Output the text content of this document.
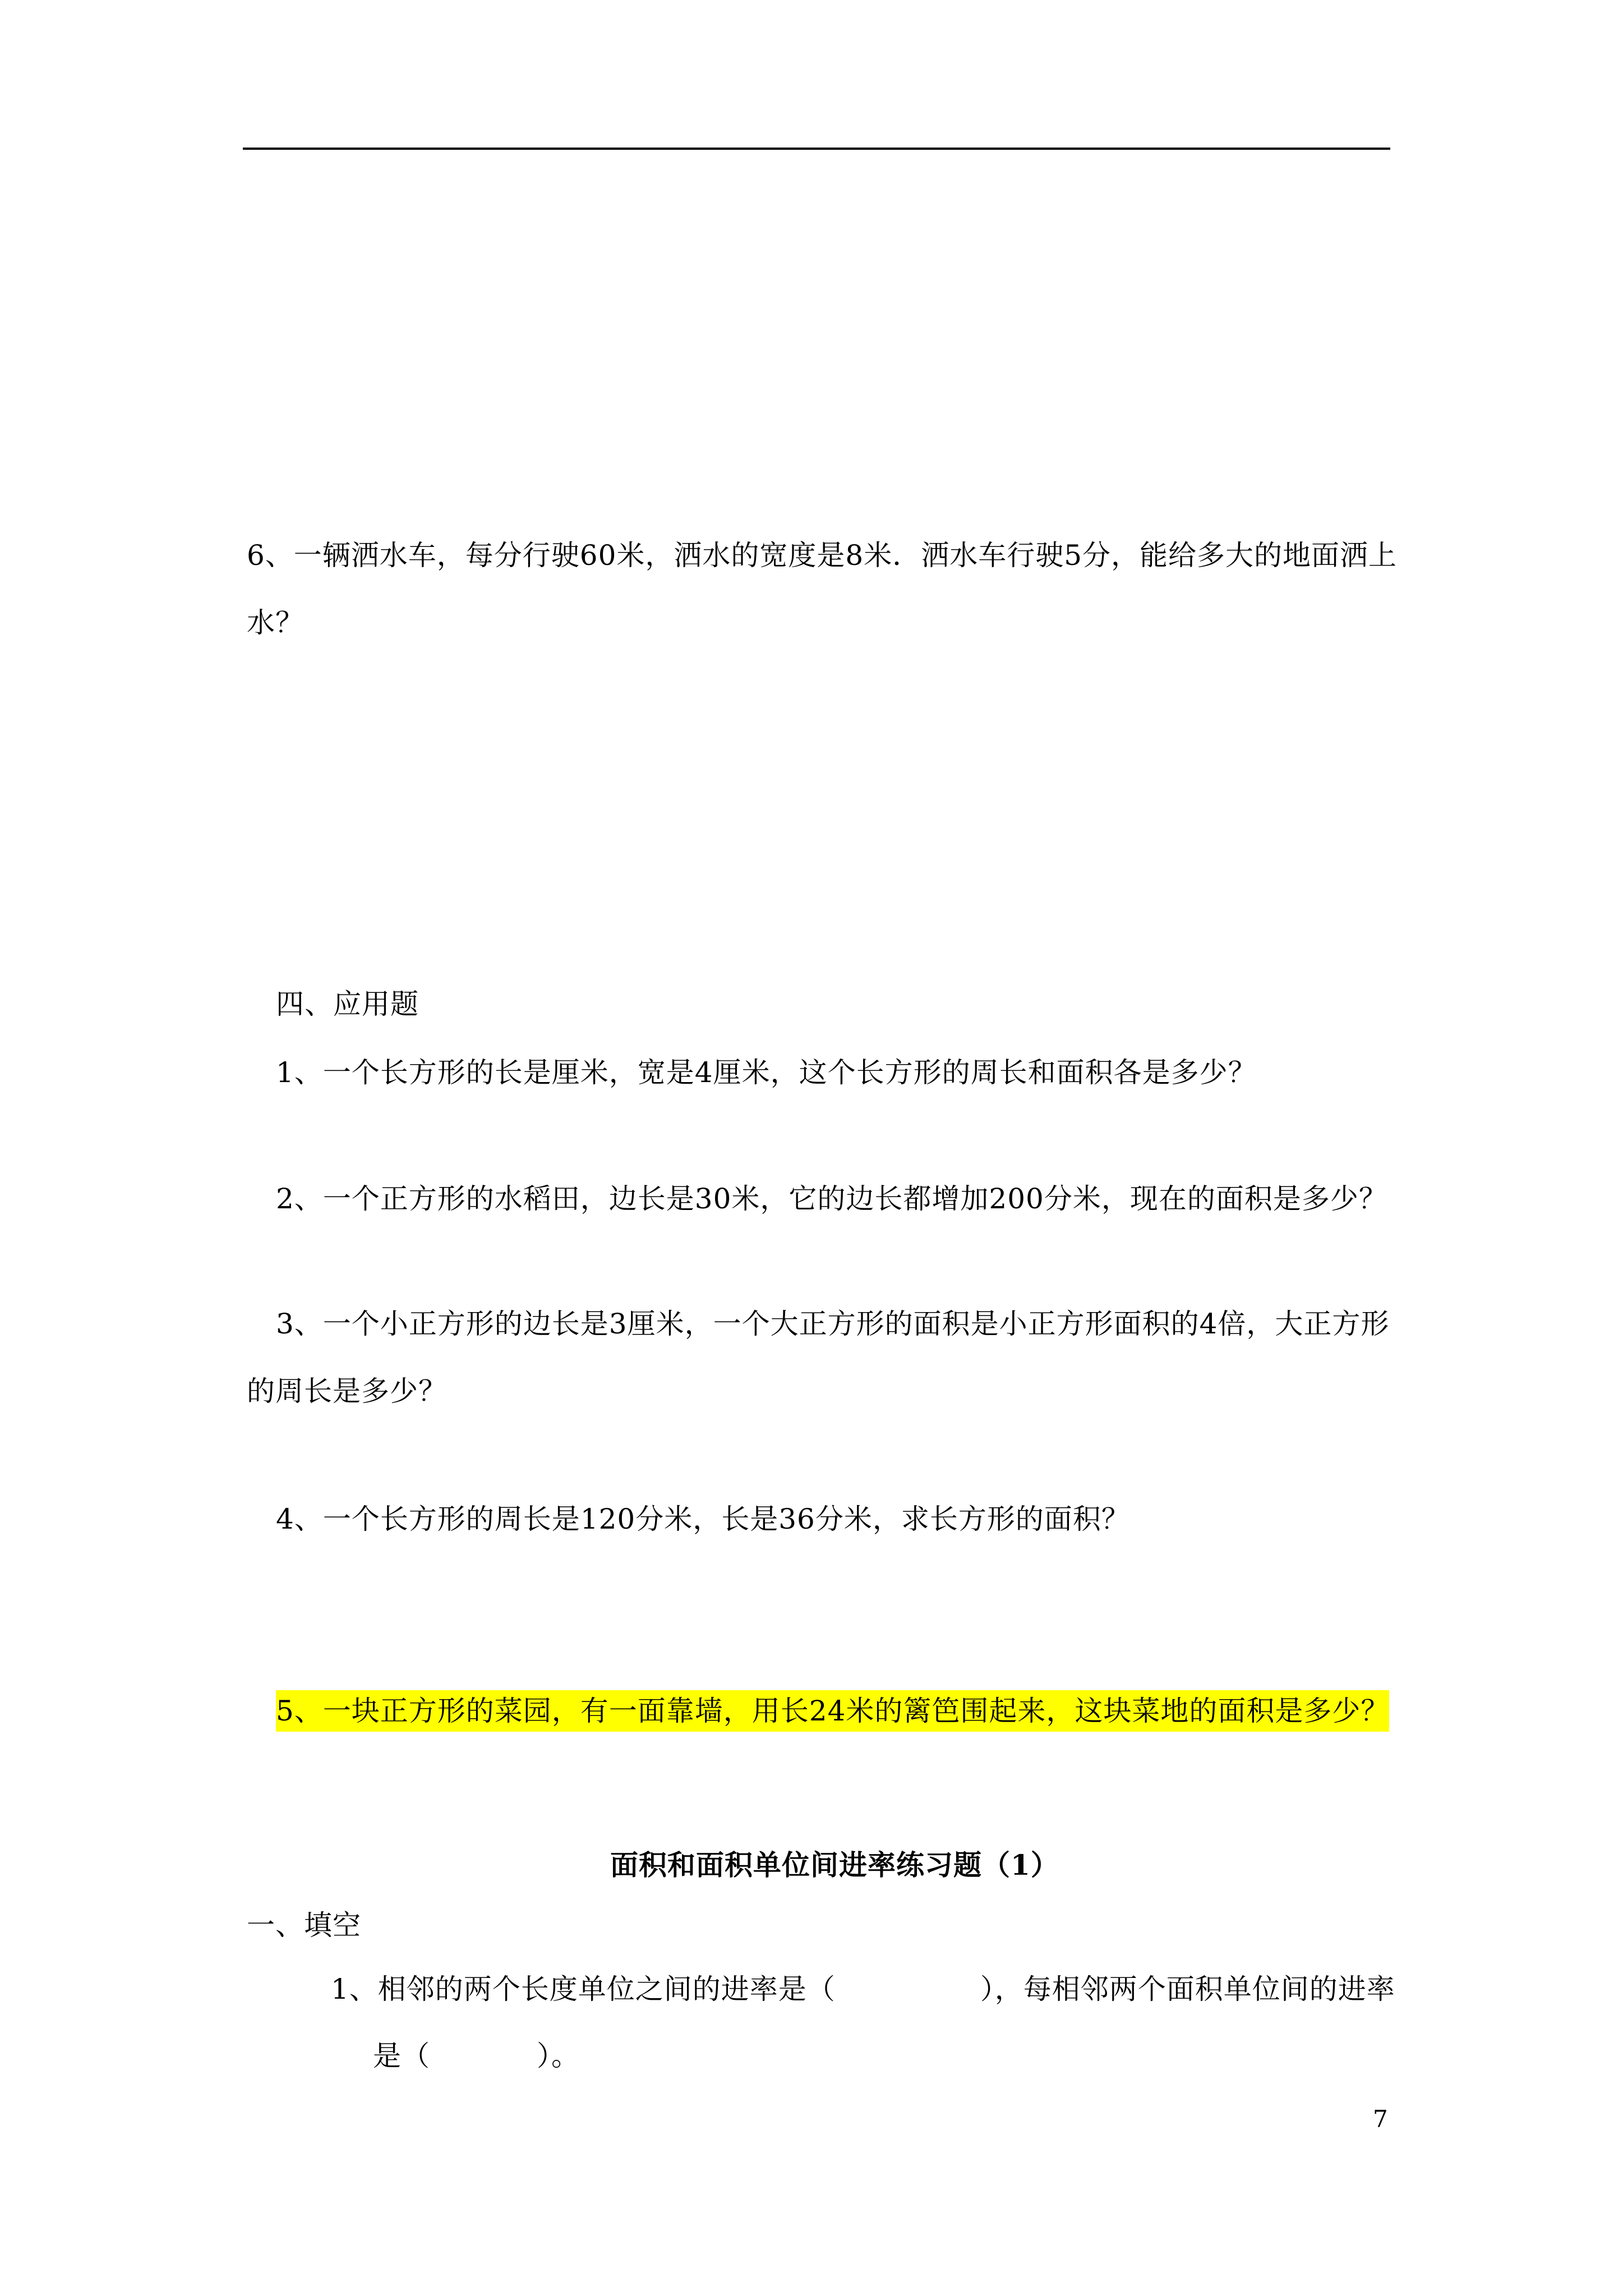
6、一辆洒水车，每分行驶60米，洒水的宽度是8米．洒水车行驶5分，能给多大的地面洒上
水？
四、应用题
1、一个长方形的长是厘米，宽是4厘米，这个长方形的周长和面积各是多少？
2、一个正方形的水稻田，边长是30米，它的边长都增加200分米，现在的面积是多少？
3、一个小正方形的边长是3厘米，一个大正方形的面积是小正方形面积的4倍，大正方形
的周长是多少？
4、一个长方形的周长是120分米，长是36分米，求长方形的面积？
5、一块正方形的菜园，有一面靠墙，用长24米的篱笆围起来，这块菜地的面积是多少？
面积和面积单位间进率练习题（1）
一、填空
1、相邻的两个长度单位之间的进率是（	），每相邻两个面积单位间的进率
是（	）。
7
